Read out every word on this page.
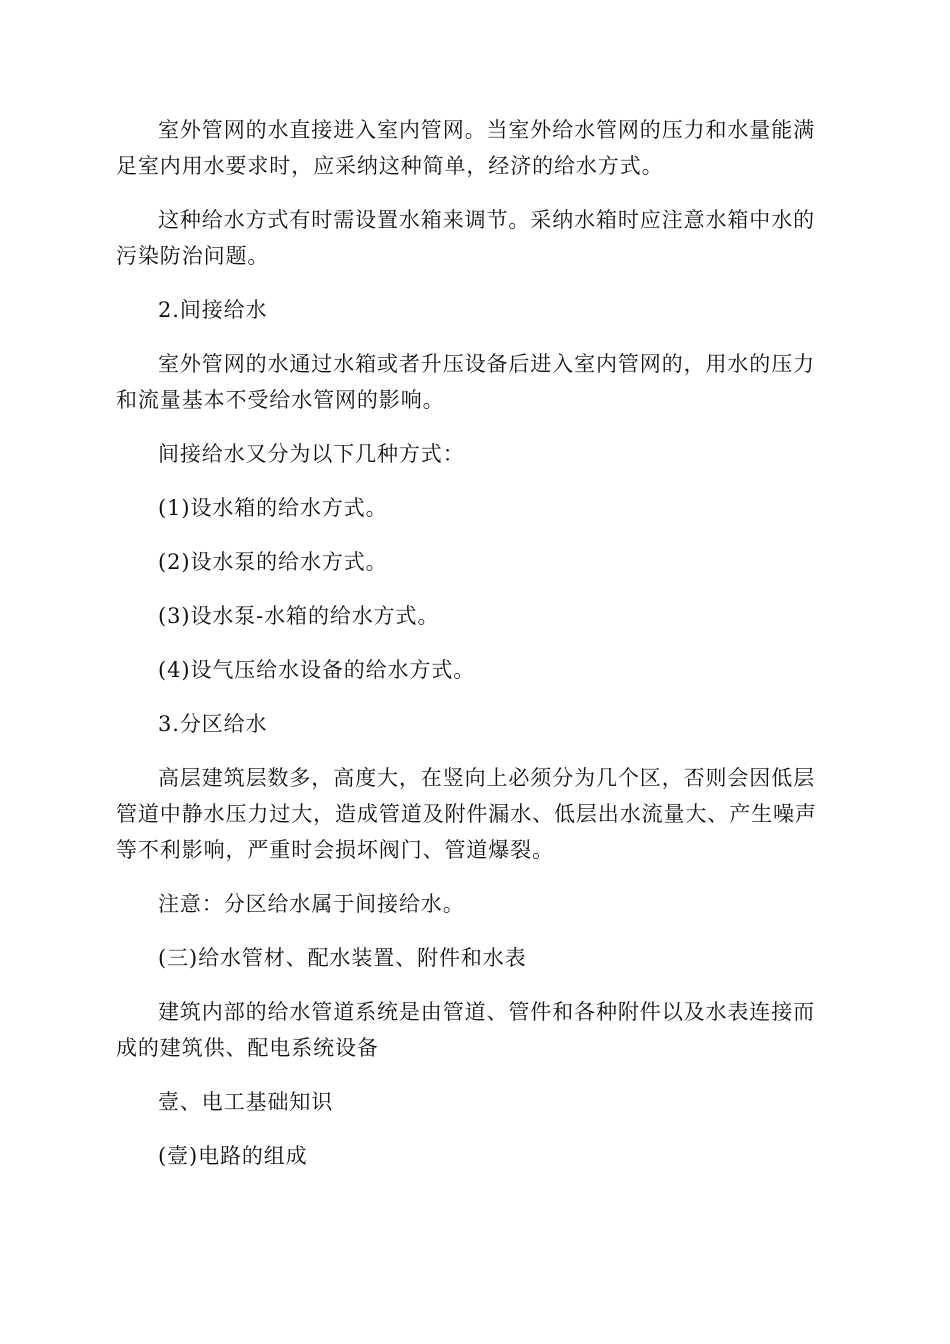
室外管网的水直接进入室内管网。当室外给水管网的压力和水量能满足室内用水要求时，应采纳这种简单，经济的给水方式。

这种给水方式有时需设置水箱来调节。采纳水箱时应注意水箱中水的污染防治问题。

2.间接给水

室外管网的水通过水箱或者升压设备后进入室内管网的，用水的压力和流量基本不受给水管网的影响。

间接给水又分为以下几种方式：

(1)设水箱的给水方式。

(2)设水泵的给水方式。

(3)设水泵-水箱的给水方式。

(4)设气压给水设备的给水方式。

3.分区给水

高层建筑层数多，高度大，在竖向上必须分为几个区，否则会因低层管道中静水压力过大，造成管道及附件漏水、低层出水流量大、产生噪声等不利影响，严重时会损坏阀门、管道爆裂。

注意：分区给水属于间接给水。

(三)给水管材、配水装置、附件和水表

建筑内部的给水管道系统是由管道、管件和各种附件以及水表连接而成的建筑供、配电系统设备

壹、电工基础知识

(壹)电路的组成
